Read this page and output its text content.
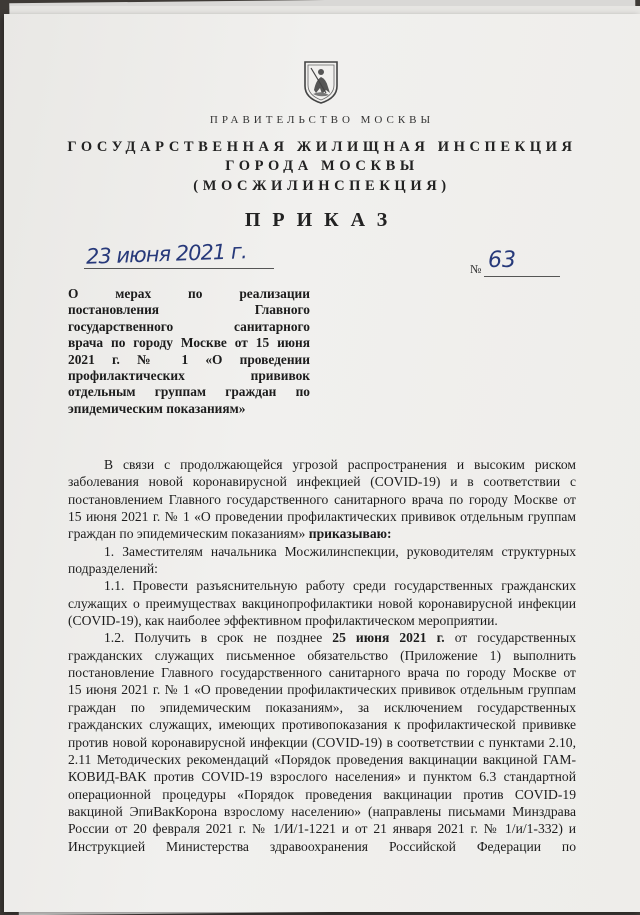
ПРАВИТЕЛЬСТВО МОСКВЫ
ГОСУДАРСТВЕННАЯ ЖИЛИЩНАЯ ИНСПЕКЦИЯ
ГОРОДА МОСКВЫ
(МОСЖИЛИНСПЕКЦИЯ)
ПРИКАЗ
23 июня 2021 г.
№ 63
О мерах по реализации
постановления Главного
государственного санитарного
врача по городу Москве от 15 июня
2021 г. № 1 «О проведении
профилактических прививок
отдельным группам граждан по
эпидемическим показаниям»
В связи с продолжающейся угрозой распространения и высоким риском
заболевания новой коронавирусной инфекцией (COVID-19) и в соответствии с
постановлением Главного государственного санитарного врача по городу Москве от
15 июня 2021 г. № 1 «О проведении профилактических прививок отдельным группам
граждан по эпидемическим показаниям» приказываю:
1. Заместителям начальника Мосжилинспекции, руководителям структурных
подразделений:
1.1. Провести разъяснительную работу среди государственных гражданских
служащих о преимуществах вакцинопрофилактики новой коронавирусной инфекции
(COVID-19), как наиболее эффективном профилактическом мероприятии.
1.2. Получить в срок не позднее 25 июня 2021 г. от государственных
гражданских служащих письменное обязательство (Приложение 1) выполнить
постановление Главного государственного санитарного врача по городу Москве от
15 июня 2021 г. № 1 «О проведении профилактических прививок отдельным группам
граждан по эпидемическим показаниям», за исключением государственных
гражданских служащих, имеющих противопоказания к профилактической прививке
против новой коронавирусной инфекции (COVID-19) в соответствии с пунктами 2.10,
2.11 Методических рекомендаций «Порядок проведения вакцинации вакциной ГАМ-
КОВИД-ВАК против COVID-19 взрослого населения» и пунктом 6.3 стандартной
операционной процедуры «Порядок проведения вакцинации против COVID-19
вакциной ЭпиВакКорона взрослому населению» (направлены письмами Минздрава
России от 20 февраля 2021 г. № 1/И/1-1221 и от 21 января 2021 г. № 1/и/1-332) и
Инструкцией Министерства здравоохранения Российской Федерации по
